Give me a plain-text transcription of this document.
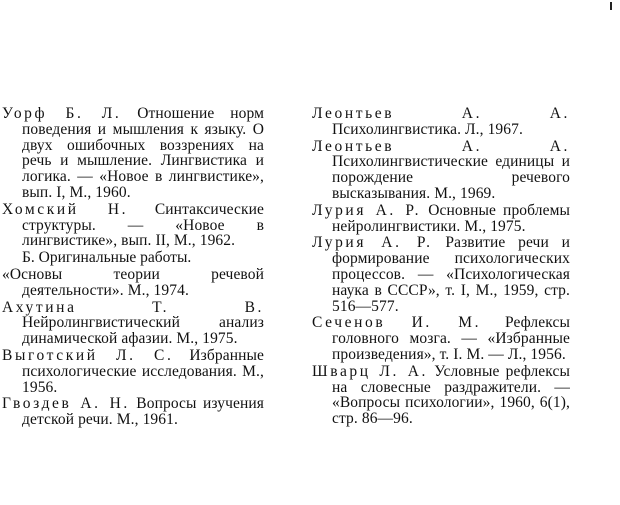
Уорф Б. Л. Отношение норм поведения и мышления к языку. О двух ошибочных воззрениях на речь и мышление. Лингвистика и логика. — «Новое в лингвистике», вып. I, M., 1960.

Хомский Н. Синтаксические структуры. — «Новое в лингвистике», вып. II, M., 1962.

Б. Оригинальные работы.

«Основы теории речевой деятельности». M., 1974.

Ахутина Т. В. Нейролингвистический анализ динамической афазии. M., 1975.

Выготский Л. С. Избранные психологические исследования. M., 1956.

Гвоздев А. Н. Вопросы изучения детской речи. M., 1961.

Леонтьев А. А. Психолингвистика. Л., 1967.

Леонтьев А. А. Психолингвистические единицы и порождение речевого высказывания. M., 1969.

Лурия А. Р. Основные проблемы нейролингвистики. M., 1975.

Лурия А. Р. Развитие речи и формирование психологических процессов. — «Психологическая наука в СССР», т. I, M., 1959, стр. 516—577.

Сеченов И. М. Рефлексы головного мозга. — «Избранные произведения», т. I. M. — Л., 1956.

Шварц Л. А. Условные рефлексы на словесные раздражители. — «Вопросы психологии», 1960, 6(1), стр. 86—96.
